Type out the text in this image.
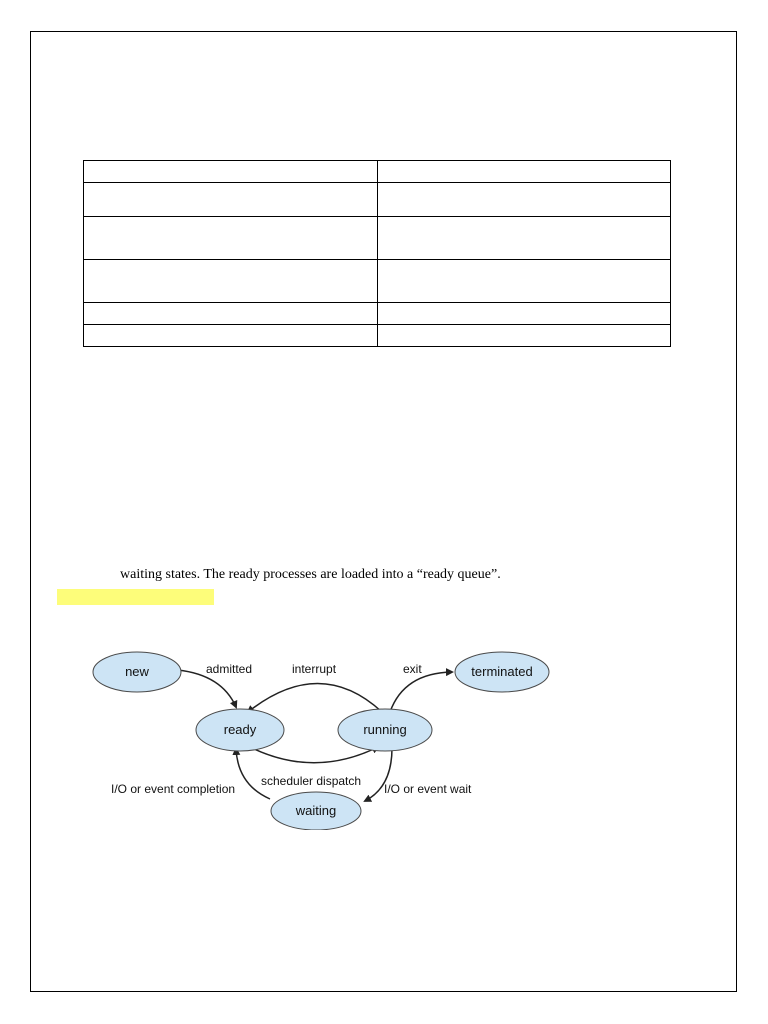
waiting states. The ready processes are loaded into a “ready queue”.
new
ready	running
terminated
waiting
admitted	interrupt	exit
scheduler dispatch
I/O or event completion	I/O or event wait
